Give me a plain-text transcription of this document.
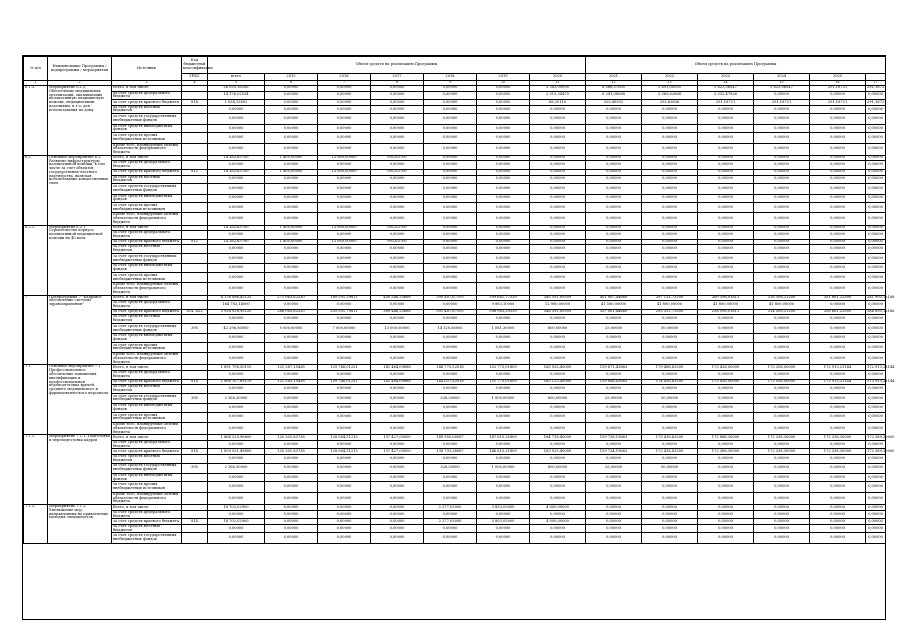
№ п/п	Наименование Программы / подпрограммы / мероприятия	Источник	Код бюджетной классификации	Объем средств на реализацию Программы							Объем средств на реализацию Программы					
			ГРБС	всего	2015	2016	2017	2018	2019	2020	2021	2022	2023	2024	2025	
1	2	3	4	5	6	7	8	9	10	11	12	13	14	15	16	17
6.1.3.	Мероприятие 6.1.3 Обеспечение медицинских организаций, оказывающих паллиативную медицинскую помощь, медицинскими изделиями, в т.ч. для использования на дому	Всего, в том числе		26 025,16336	0,00000	0,00000	0,00000	0,00000	0,00000	2 383,00000	6 566,57000	5 891,00020	5 823,56547	5 823,56547	291,18721	291,18721
		за счет средств федерального бюджета		14 176,02534	0,00000	0,00000	0,00000	0,00000	0,00000	2 315,34470	6 241,08068	5 569,62664	5 532,47826	0,00000	0,00000	0,00000
		за счет средств краевого бюджета	814	1 054,13802	0,00000	0,00000	0,00000	0,00000	0,00000	68,25110	325,48932	292,63836	291,18721	291,18721	291,18721	291,18721
		за счет средств местных бюджетов		0,00000	0,00000	0,00000	0,00000	0,00000	0,00000	0,00000	0,00000	0,00000	0,00000	0,00000	0,00000	0,00000
		за счет средств государственных внебюджетных фондов		0,00000	0,00000	0,00000	0,00000	0,00000	0,00000	0,00000	0,00000	0,00000	0,00000	0,00000	0,00000	0,00000
		за счет средств внебюджетных фондов		0,00000	0,00000	0,00000	0,00000	0,00000	0,00000	0,00000	0,00000	0,00000	0,00000	0,00000	0,00000	0,00000
		за счет средств прочих внебюджетных источников		0,00000	0,00000	0,00000	0,00000	0,00000	0,00000	0,00000	0,00000	0,00000	0,00000	0,00000	0,00000	0,00000
		Кроме того, планируемые объемы обязательств федерального бюджета		0,00000	0,00000	0,00000	0,00000	0,00000	0,00000	0,00000	0,00000	0,00000	0,00000	0,00000	0,00000	0,00000
6.2.	Основное мероприятие 6.2. Развитие инфраструктуры паллиативной помощи, в том числе за счет объектов государственно-частного партнерства, включая использование концессионных схем	Всего, в том числе		14 382,63700	1 400,00000	12 080,00000	902,63700	0,00000	0,00000	0,00000	0,00000	0,00000	0,00000	0,00000	0,00000	0,00000
		за счет средств федерального бюджета		0,00000	0,00000	0,00000	0,00000	0,00000	0,00000	0,00000	0,00000	0,00000	0,00000	0,00000	0,00000	0,00000
		за счет средств краевого бюджета	812	14 382,63700	1 400,00000	12 080,00000	902,63700	0,00000	0,00000	0,00000	0,00000	0,00000	0,00000	0,00000	0,00000	0,00000
		за счет средств местных бюджетов		0,00000	0,00000	0,00000	0,00000	0,00000	0,00000	0,00000	0,00000	0,00000	0,00000	0,00000	0,00000	0,00000
		за счет средств государственных внебюджетных фондов		0,00000	0,00000	0,00000	0,00000	0,00000	0,00000	0,00000	0,00000	0,00000	0,00000	0,00000	0,00000	0,00000
		за счет средств внебюджетных фондов		0,00000	0,00000	0,00000	0,00000	0,00000	0,00000	0,00000	0,00000	0,00000	0,00000	0,00000	0,00000	0,00000
		за счет средств прочих внебюджетных источников		0,00000	0,00000	0,00000	0,00000	0,00000	0,00000	0,00000	0,00000	0,00000	0,00000	0,00000	0,00000	0,00000
		Кроме того, планируемые объемы обязательств федерального бюджета		0,00000	0,00000	0,00000	0,00000	0,00000	0,00000	0,00000	0,00000	0,00000	0,00000	0,00000	0,00000	0,00000
6.2.1.	Мероприятие 6.2.1 Строительство корпуса паллиативной медицинской помощи на 40 коек	Всего, в том числе		14 382,63700	1 400,00000	12 080,00000	902,63700	0,00000	0,00000	0,00000	0,00000	0,00000	0,00000	0,00000	0,00000	0,00000
		за счет средств федерального бюджета		0,00000	0,00000	0,00000	0,00000	0,00000	0,00000	0,00000	0,00000	0,00000	0,00000	0,00000	0,00000	0,00000
		за счет средств краевого бюджета	812	14 382,63700	1 400,00000	12 080,00000	902,63700	0,00000	0,00000	0,00000	0,00000	0,00000	0,00000	0,00000	0,00000	0,00000
		за счет средств местных бюджетов		0,00000	0,00000	0,00000	0,00000	0,00000	0,00000	0,00000	0,00000	0,00000	0,00000	0,00000	0,00000	0,00000
		за счет средств государственных внебюджетных фондов		0,00000	0,00000	0,00000	0,00000	0,00000	0,00000	0,00000	0,00000	0,00000	0,00000	0,00000	0,00000	0,00000
		за счет средств внебюджетных фондов		0,00000	0,00000	0,00000	0,00000	0,00000	0,00000	0,00000	0,00000	0,00000	0,00000	0,00000	0,00000	0,00000
		за счет средств прочих внебюджетных источников		0,00000	0,00000	0,00000	0,00000	0,00000	0,00000	0,00000	0,00000	0,00000	0,00000	0,00000	0,00000	0,00000
		Кроме того, планируемые объемы обязательств федерального бюджета		0,00000	0,00000	0,00000	0,00000	0,00000	0,00000	0,00000	0,00000	0,00000	0,00000	0,00000	0,00000	0,00000
7.	Подпрограмма 7 "Кадровое обеспечение системы здравоохранения"	Всего, в том числе		4 176 086,45125	271 063,62330	189 591,29811	400 546,25668	399 487,67105	399 641,77339	345 391,89309	401 067,44660	297 131,73200	269 396,01811	316 308,21200	351 661,22500	281 993,12186
		за счет средств федерального бюджета		164 783,14000	0,00000	0,00000	0,00000	0,00000	9 883,10000	12 980,00000	41 580,00000	41 800,00000	41 800,00000	41 800,00000	0,00000	0,00000
		за счет средств краевого бюджета	814, 822	3 938 938,95125	266 083,62330	259 591,79811	389 446,25668	391 487,67105	396 983,29339	348 391,89309	337 061,44660	255 331,73200	258 596,01811	314 508,21200	356 661,22500	284 893,12186
		за счет средств местных бюджетов		0,00000	0,00000	0,00000	0,00000	0,00000	0,00000	0,00000	0,00000	0,00000	0,00000	0,00000	0,00000	0,00000
		за счет средств государственных внебюджетных фондов	395	42 296,56000	5 000,00000	7 000,00000	13 000,00000	14 120,56000	1 081,30000	800,00000	25,00000	50,00000	0,00000	0,00000	0,00000	0,00000
		за счет средств внебюджетных фондов		0,00000	0,00000	0,00000	0,00000	0,00000	0,00000	0,00000	0,00000	0,00000	0,00000	0,00000	0,00000	0,00000
		за счет средств прочих внебюджетных источников		0,00000	0,00000	0,00000	0,00000	0,00000	0,00000	0,00000	0,00000	0,00000	0,00000	0,00000	0,00000	0,00000
		Кроме того, планируемые объемы обязательств федерального бюджета		0,00000	0,00000	0,00000	0,00000	0,00000	0,00000	0,00000	0,00000	0,00000	0,00000	0,00000	0,00000	0,00000
7.1.	Основное мероприятие 7.1 Профессиональное обеспечение повышения квалификации и профессиональная переподготовка врачей, среднего медицинского и фармацевтического персонала	Всего, в том числе		1 891 796,50110	121 587,15438	129 746,01231	141 464,09888	146 773,52018	152 773,01809	165 925,40000	159 871,43663	179 486,63200	173 436,00000	173 356,00000	172 913,21144	172 913,21144
		за счет средств федерального бюджета		0,00000	0,00000	0,00000	0,00000	0,00000	0,00000	0,00000	0,00000	0,00000	0,00000	0,00000	0,00000	0,00000
		за счет средств краевого бюджета	814	1 888 107,69119	121 582,15438	129 746,01231	141 464,09888	144 637,82018	151 773,01809	165 125,40000	159 846,43663	174 436,63200	173 436,00000	172 556,00000	172 913,21144	172 913,21144
		за счет средств местных бюджетов		0,00000	0,00000	0,00000	0,00000	0,00000	0,00000	0,00000	0,00000	0,00000	0,00000	0,00000	0,00000	0,00000
		за счет средств государственных внебюджетных фондов	395	2 166,30000	0,00000	0,00000	0,00000	328,30000	1 000,00000	800,00000	25,00000	50,00000	0,00000	0,00000	0,00000	0,00000
		за счет средств внебюджетных фондов		0,00000	0,00000	0,00000	0,00000	0,00000	0,00000	0,00000	0,00000	0,00000	0,00000	0,00000	0,00000	0,00000
		за счет средств прочих внебюджетных источников		0,00000	0,00000	0,00000	0,00000	0,00000	0,00000	0,00000	0,00000	0,00000	0,00000	0,00000	0,00000	0,00000
		Кроме того, планируемые объемы обязательств федерального бюджета		0,00000	0,00000	0,00000	0,00000	0,00000	0,00000	0,00000	0,00000	0,00000	0,00000	0,00000	0,00000	0,00000
7.1.1.	Мероприятие 7.1.1. Подготовка и переподготовка кадров	Всего, в том числе		1 868 229,96600	120 301,83738	128 564,51213	137 427,00000	149 955,06067	147 615,31809	164 718,40000	159 736,19663	173 416,63200	172 886,30000	172 338,30000	172 336,30000	172 389,30000
		за счет средств федерального бюджета		0,00000	0,00000	0,00000	0,00000	0,00000	0,00000	0,00000	0,00000	0,00000	0,00000	0,00000	0,00000	0,00000
		за счет средств краевого бюджета	814	1 859 031,49600	120 301,83738	128 564,51213	137 427,00000	138 733,36067	146 615,31809	163 925,40000	159 724,19663	173 436,63200	172 386,30000	172 338,30000	172 338,30000	172 389,30000
		за счет средств местных бюджетов		0,00000	0,00000	0,00000	0,00000	0,00000	0,00000	0,00000	0,00000	0,00000	0,00000	0,00000	0,00000	0,00000
		за счет средств государственных внебюджетных фондов	395	2 166,30000	0,00000	0,00000	0,00000	328,30000	1 000,00000	800,00000	25,00000	50,00000	0,00000	0,00000	0,00000	0,00000
		за счет средств внебюджетных фондов		0,00000	0,00000	0,00000	0,00000	0,00000	0,00000	0,00000	0,00000	0,00000	0,00000	0,00000	0,00000	0,00000
		за счет средств прочих внебюджетных источников		0,00000	0,00000	0,00000	0,00000	0,00000	0,00000	0,00000	0,00000	0,00000	0,00000	0,00000	0,00000	0,00000
		Кроме того, планируемые объемы обязательств федерального бюджета		0,00000	0,00000	0,00000	0,00000	0,00000	0,00000	0,00000	0,00000	0,00000	0,00000	0,00000	0,00000	0,00000
7.1.2.	Мероприятие 7.1.2. Уменьшение мер, направленных на привлечение молодых специалистов	Всего, в том числе		18 702,02900	0,00000	0,00000	0,00000	2 277,03000	3 853,03000	4 000,00000	0,00000	0,00000	0,00000	0,00000	0,00000	0,00000
		за счет средств федерального бюджета		0,00000	0,00000	0,00000	0,00000	0,00000	0,00000	0,00000	0,00000	0,00000	0,00000	0,00000	0,00000	0,00000
		за счет средств краевого бюджета	814	18 702,02900	0,00000	0,00000	0,00000	2 277,03000	3 853,03000	4 000,00000	0,00000	0,00000	0,00000	0,00000	0,00000	0,00000
		за счет средств местных бюджетов		0,00000	0,00000	0,00000	0,00000	0,00000	0,00000	0,00000	0,00000	0,00000	0,00000	0,00000	0,00000	0,00000
		за счет средств государственных внебюджетных фондов		0,00000	0,00000	0,00000	0,00000	0,00000	0,00000	0,00000	0,00000	0,00000	0,00000	0,00000	0,00000	0,00000
